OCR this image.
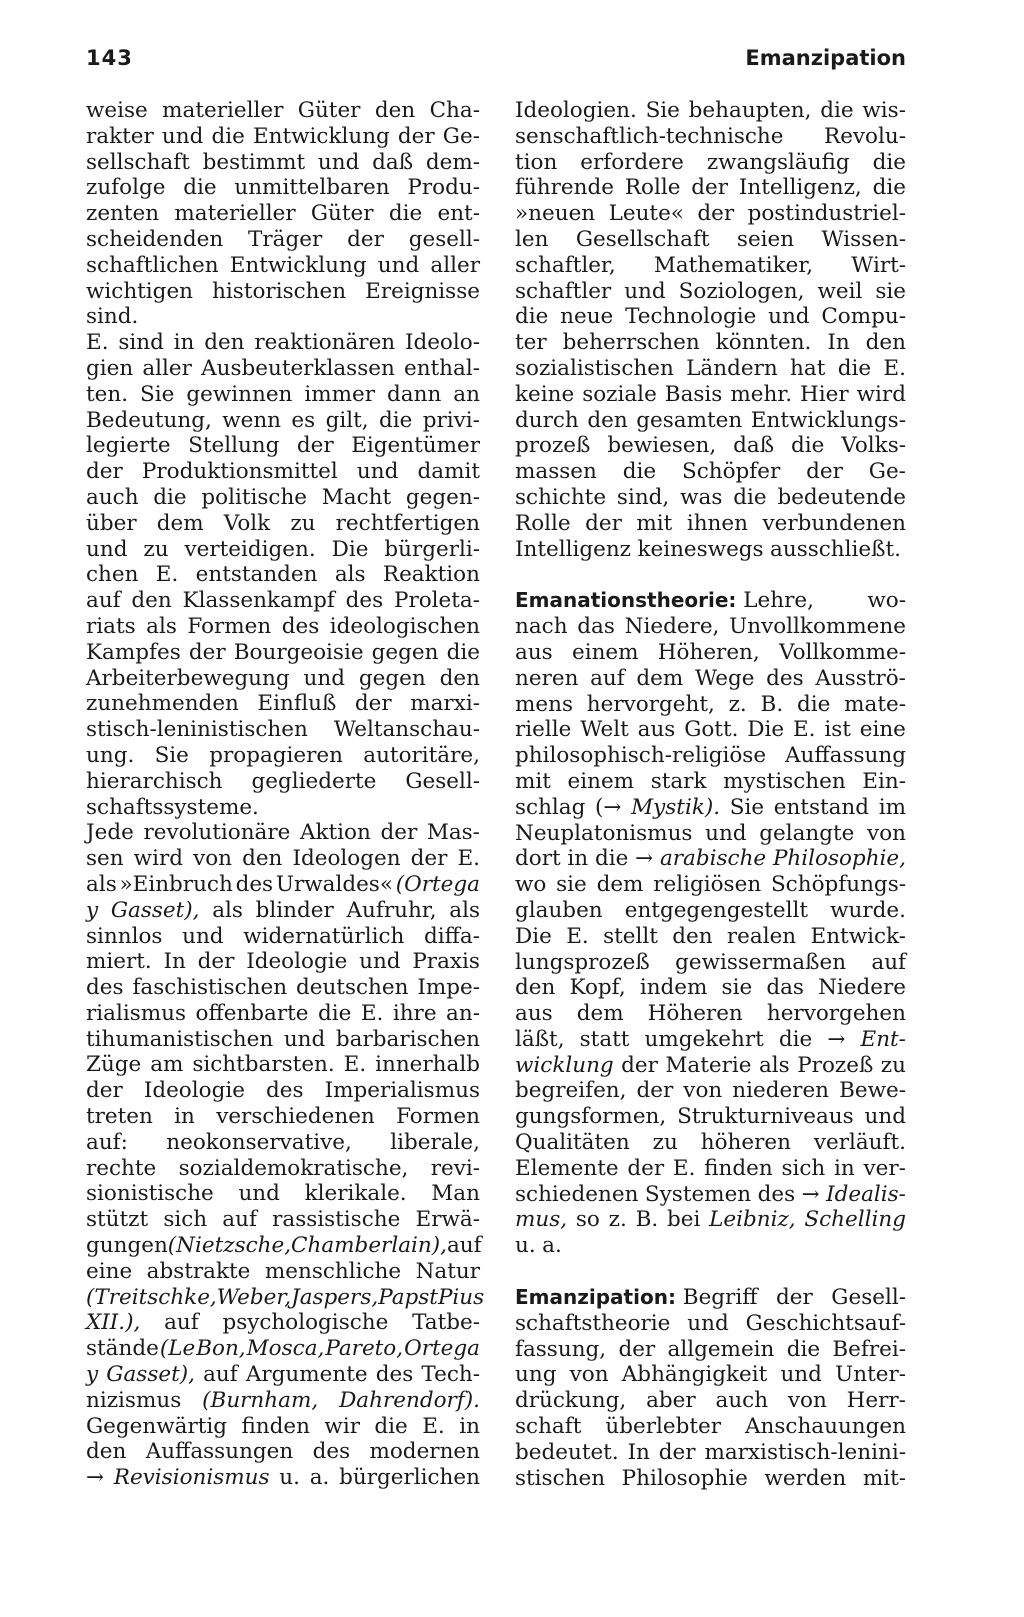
143	Emanzipation
weise materieller Güter den Cha-
rakter und die Entwicklung der Ge-
sellschaft bestimmt und daß dem-
zufolge die unmittelbaren Produ-
zenten materieller Güter die ent-
scheidenden Träger der gesell-
schaftlichen Entwicklung und aller
wichtigen historischen Ereignisse
sind.
E. sind in den reaktionären Ideolo-
gien aller Ausbeuterklassen enthal-
ten. Sie gewinnen immer dann an
Bedeutung, wenn es gilt, die privi-
legierte Stellung der Eigentümer
der Produktionsmittel und damit
auch die politische Macht gegen-
über dem Volk zu rechtfertigen
und zu verteidigen. Die bürgerli-
chen E. entstanden als Reaktion
auf den Klassenkampf des Proleta-
riats als Formen des ideologischen
Kampfes der Bourgeoisie gegen die
Arbeiterbewegung und gegen den
zunehmenden Einfluß der marxi-
stisch-leninistischen Weltanschau-
ung. Sie propagieren autoritäre,
hierarchisch gegliederte Gesell-
schaftssysteme.
Jede revolutionäre Aktion der Mas-
sen wird von den Ideologen der E.
als »Einbruch des Urwaldes« (Ortega
y Gasset), als blinder Aufruhr, als
sinnlos und widernatürlich diffa-
miert. In der Ideologie und Praxis
des faschistischen deutschen Impe-
rialismus offenbarte die E. ihre an-
tihumanistischen und barbarischen
Züge am sichtbarsten. E. innerhalb
der Ideologie des Imperialismus
treten in verschiedenen Formen
auf: neokonservative, liberale,
rechte sozialdemokratische, revi-
sionistische und klerikale. Man
stützt sich auf rassistische Erwä-
gungen (Nietzsche, Chamberlain), auf
eine abstrakte menschliche Natur
(Treitschke, Weber, Jaspers, Papst Pius
XII.), auf psychologische Tatbe-
stände (Le Bon, Mosca, Pareto, Ortega
y Gasset), auf Argumente des Tech-
nizismus (Burnham, Dahrendorf).
Gegenwärtig finden wir die E. in
den Auffassungen des modernen
→ Revisionismus u. a. bürgerlichen
Ideologien. Sie behaupten, die wis-
senschaftlich-technische Revolu-
tion erfordere zwangsläufig die
führende Rolle der Intelligenz, die
»neuen Leute« der postindustriel-
len Gesellschaft seien Wissen-
schaftler, Mathematiker, Wirt-
schaftler und Soziologen, weil sie
die neue Technologie und Compu-
ter beherrschen könnten. In den
sozialistischen Ländern hat die E.
keine soziale Basis mehr. Hier wird
durch den gesamten Entwicklungs-
prozeß bewiesen, daß die Volks-
massen die Schöpfer der Ge-
schichte sind, was die bedeutende
Rolle der mit ihnen verbundenen
Intelligenz keineswegs ausschließt.
Emanationstheorie: Lehre, wo-
nach das Niedere, Unvollkommene
aus einem Höheren, Vollkomme-
neren auf dem Wege des Ausströ-
mens hervorgeht, z. B. die mate-
rielle Welt aus Gott. Die E. ist eine
philosophisch-religiöse Auffassung
mit einem stark mystischen Ein-
schlag (→ Mystik). Sie entstand im
Neuplatonismus und gelangte von
dort in die → arabische Philosophie,
wo sie dem religiösen Schöpfungs-
glauben entgegengestellt wurde.
Die E. stellt den realen Entwick-
lungsprozeß gewissermaßen auf
den Kopf, indem sie das Niedere
aus dem Höheren hervorgehen
läßt, statt umgekehrt die → Ent-
wicklung der Materie als Prozeß zu
begreifen, der von niederen Bewe-
gungsformen, Strukturniveaus und
Qualitäten zu höheren verläuft.
Elemente der E. finden sich in ver-
schiedenen Systemen des → Idealis-
mus, so z. B. bei Leibniz, Schelling
u. a.
Emanzipation: Begriff der Gesell-
schaftstheorie und Geschichtsauf-
fassung, der allgemein die Befrei-
ung von Abhängigkeit und Unter-
drückung, aber auch von Herr-
schaft überlebter Anschauungen
bedeutet. In der marxistisch-lenini-
stischen Philosophie werden mit-
